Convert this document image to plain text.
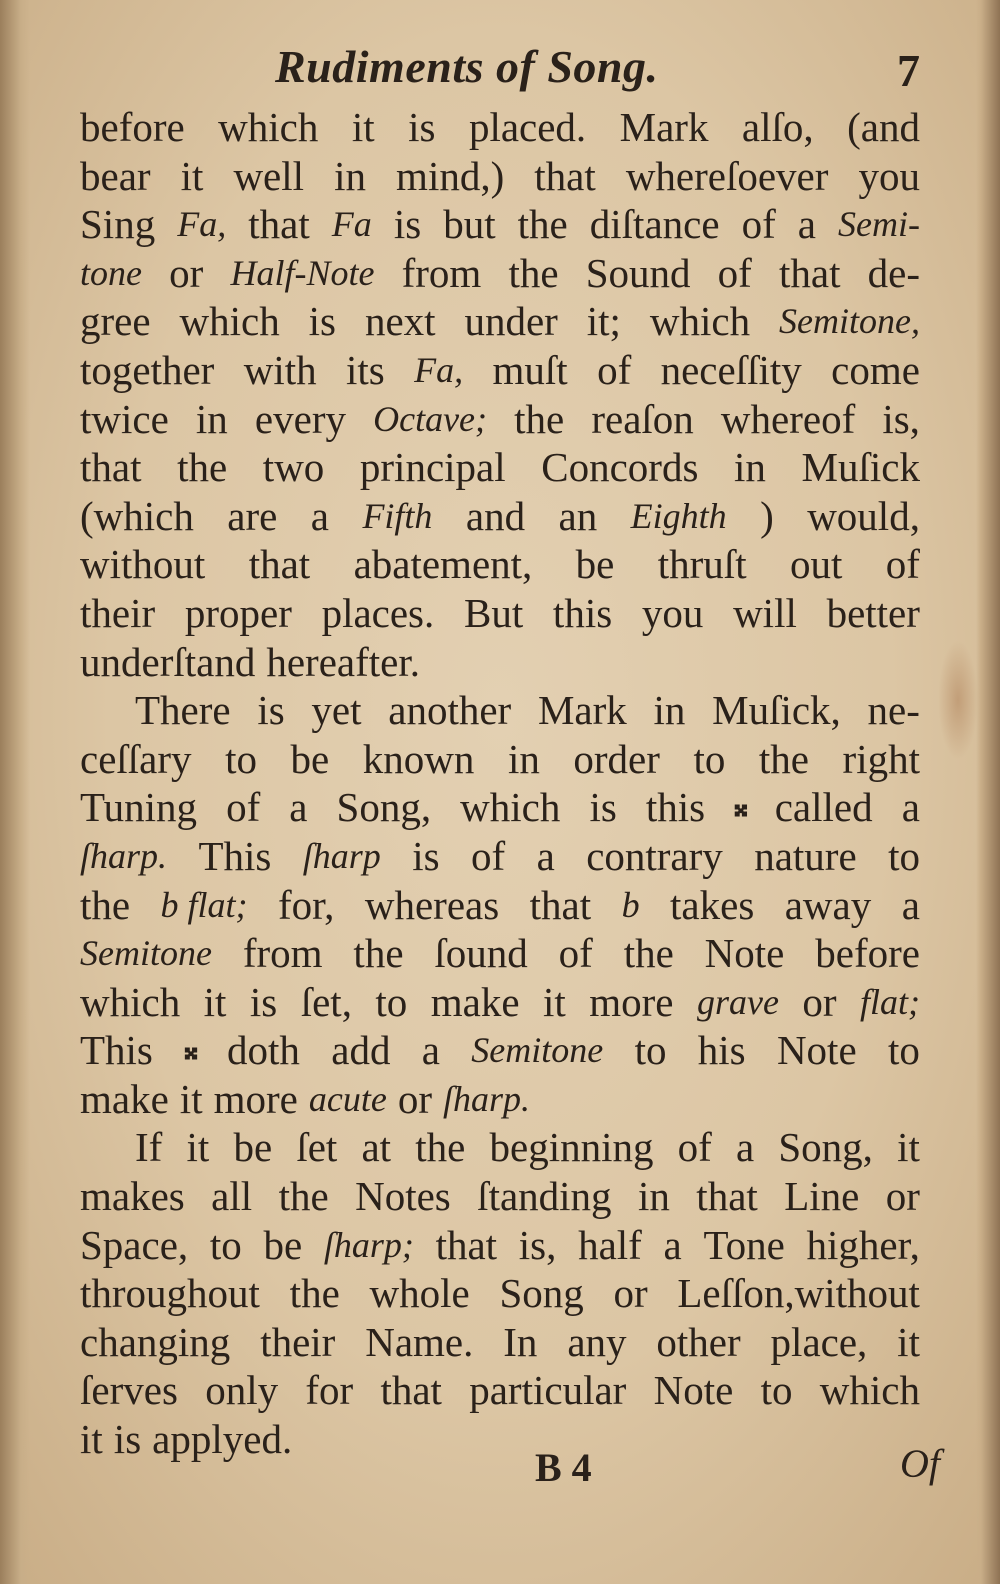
Rudiments of Song.	7
before which it is placed. Mark alſo, (and
bear it well in mind,) that whereſoever you
Sing Fa, that Fa is but the diſtance of a Semi-
tone or Half-Note from the Sound of that de-
gree which is next under it; which Semitone,
together with its Fa, muſt of neceſſity come
twice in every Octave; the reaſon whereof is,
that the two principal Concords in Muſick
(which are a Fifth and an Eighth ) would,
without that abatement, be thruſt out of
their proper places. But this you will better
underſtand hereafter.
There is yet another Mark in Muſick, ne-
ceſſary to be known in order to the right
Tuning of a Song, which is this 𝄪 called a
ſharp. This ſharp is of a contrary nature to
the b flat; for, whereas that b takes away a
Semitone from the ſound of the Note before
which it is ſet, to make it more grave or flat;
This 𝄪 doth add a Semitone to his Note to
make it more acute or ſharp.
If it be ſet at the beginning of a Song, it
makes all the Notes ſtanding in that Line or
Space, to be ſharp; that is, half a Tone higher,
throughout the whole Song or Leſſon,without
changing their Name. In any other place, it
ſerves only for that particular Note to which
it is applyed.
B 4	Of
